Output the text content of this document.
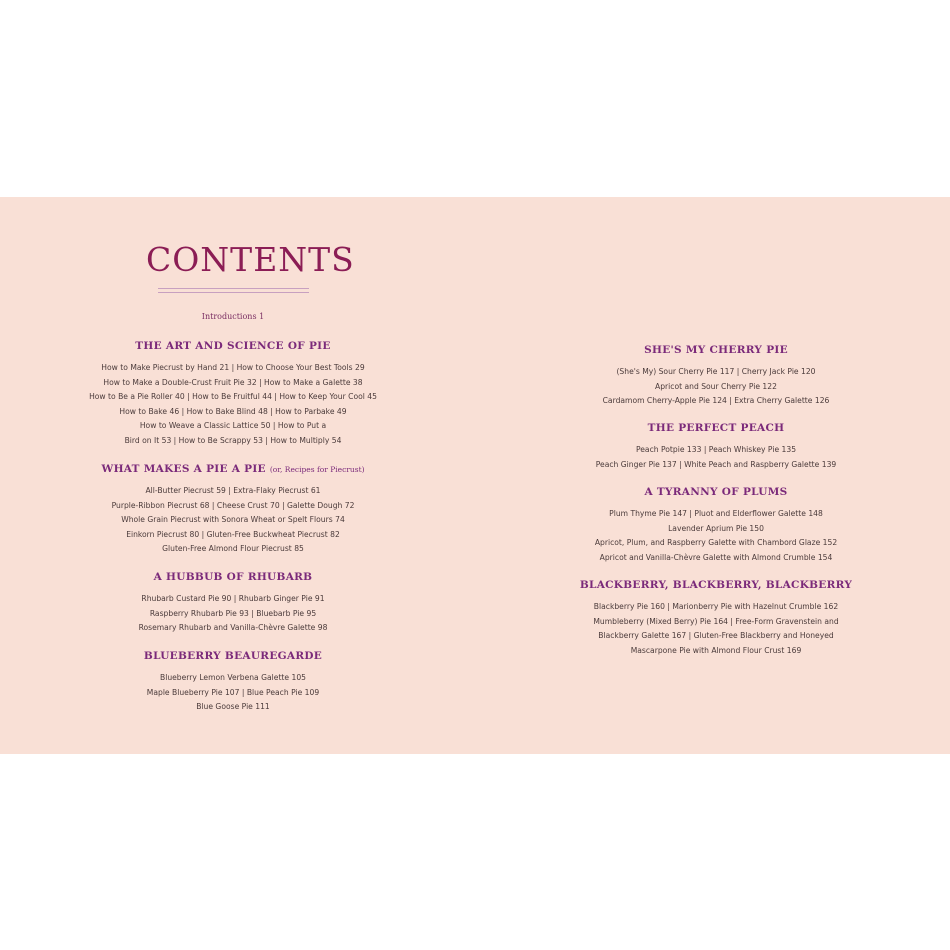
CONTENTS
Introductions 1
THE ART AND SCIENCE OF PIE
How to Make Piecrust by Hand 21 | How to Choose Your Best Tools 29
How to Make a Double-Crust Fruit Pie 32 | How to Make a Galette 38
How to Be a Pie Roller 40 | How to Be Fruitful 44 | How to Keep Your Cool 45
How to Bake 46 | How to Bake Blind 48 | How to Parbake 49
How to Weave a Classic Lattice 50 | How to Put a
Bird on It 53 | How to Be Scrappy 53 | How to Multiply 54
WHAT MAKES A PIE A PIE (or, Recipes for Piecrust)
All-Butter Piecrust 59 | Extra-Flaky Piecrust 61
Purple-Ribbon Piecrust 68 | Cheese Crust 70 | Galette Dough 72
Whole Grain Piecrust with Sonora Wheat or Spelt Flours 74
Einkorn Piecrust 80 | Gluten-Free Buckwheat Piecrust 82
Gluten-Free Almond Flour Piecrust 85
A HUBBUB OF RHUBARB
Rhubarb Custard Pie 90 | Rhubarb Ginger Pie 91
Raspberry Rhubarb Pie 93 | Bluebarb Pie 95
Rosemary Rhubarb and Vanilla-Chèvre Galette 98
BLUEBERRY BEAUREGARDE
Blueberry Lemon Verbena Galette 105
Maple Blueberry Pie 107 | Blue Peach Pie 109
Blue Goose Pie 111
SHE'S MY CHERRY PIE
(She's My) Sour Cherry Pie 117 | Cherry Jack Pie 120
Apricot and Sour Cherry Pie 122
Cardamom Cherry-Apple Pie 124 | Extra Cherry Galette 126
THE PERFECT PEACH
Peach Potpie 133 | Peach Whiskey Pie 135
Peach Ginger Pie 137 | White Peach and Raspberry Galette 139
A TYRANNY OF PLUMS
Plum Thyme Pie 147 | Pluot and Elderflower Galette 148
Lavender Aprium Pie 150
Apricot, Plum, and Raspberry Galette with Chambord Glaze 152
Apricot and Vanilla-Chèvre Galette with Almond Crumble 154
BLACKBERRY, BLACKBERRY, BLACKBERRY
Blackberry Pie 160 | Marionberry Pie with Hazelnut Crumble 162
Mumbleberry (Mixed Berry) Pie 164 | Free-Form Gravenstein and
Blackberry Galette 167 | Gluten-Free Blackberry and Honeyed
Mascarpone Pie with Almond Flour Crust 169
